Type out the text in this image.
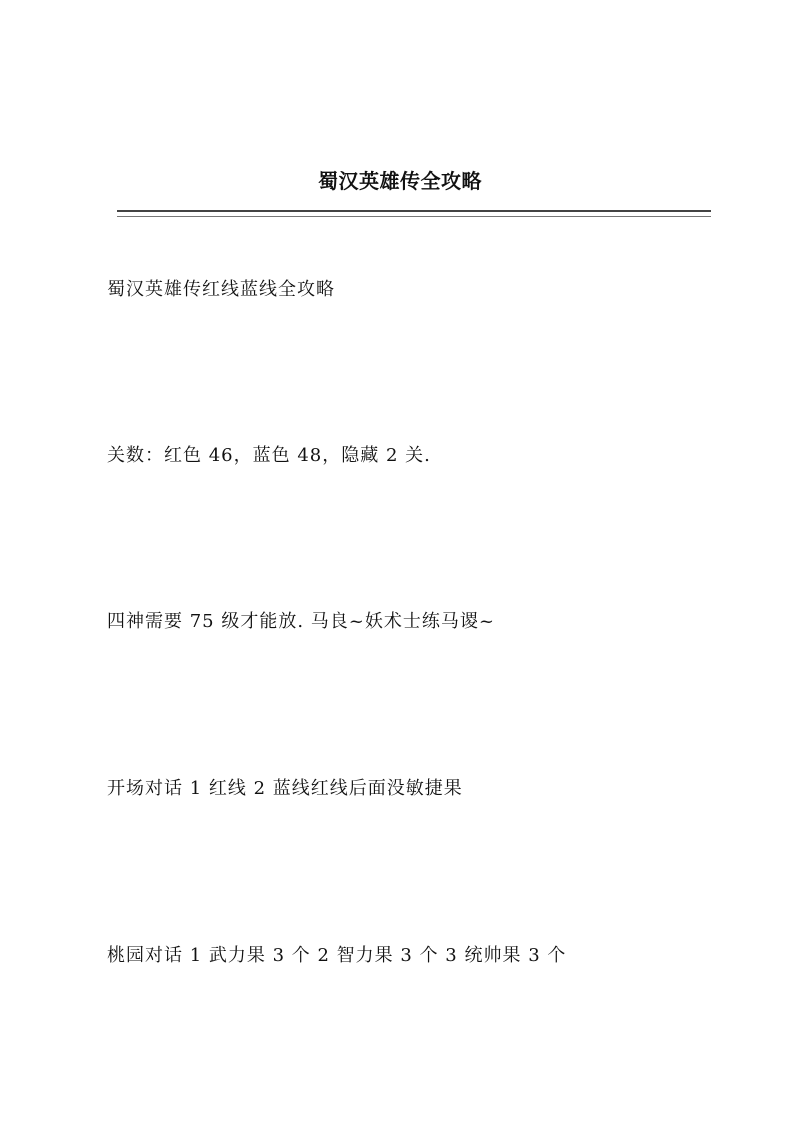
蜀汉英雄传全攻略
蜀汉英雄传红线蓝线全攻略
关数：红色 46，蓝色 48，隐藏 2 关.
四神需要 75 级才能放. 马良~妖术士练马谡~
开场对话 1 红线 2 蓝线红线后面没敏捷果
桃园对话 1 武力果 3 个 2 智力果 3 个 3 统帅果 3 个
